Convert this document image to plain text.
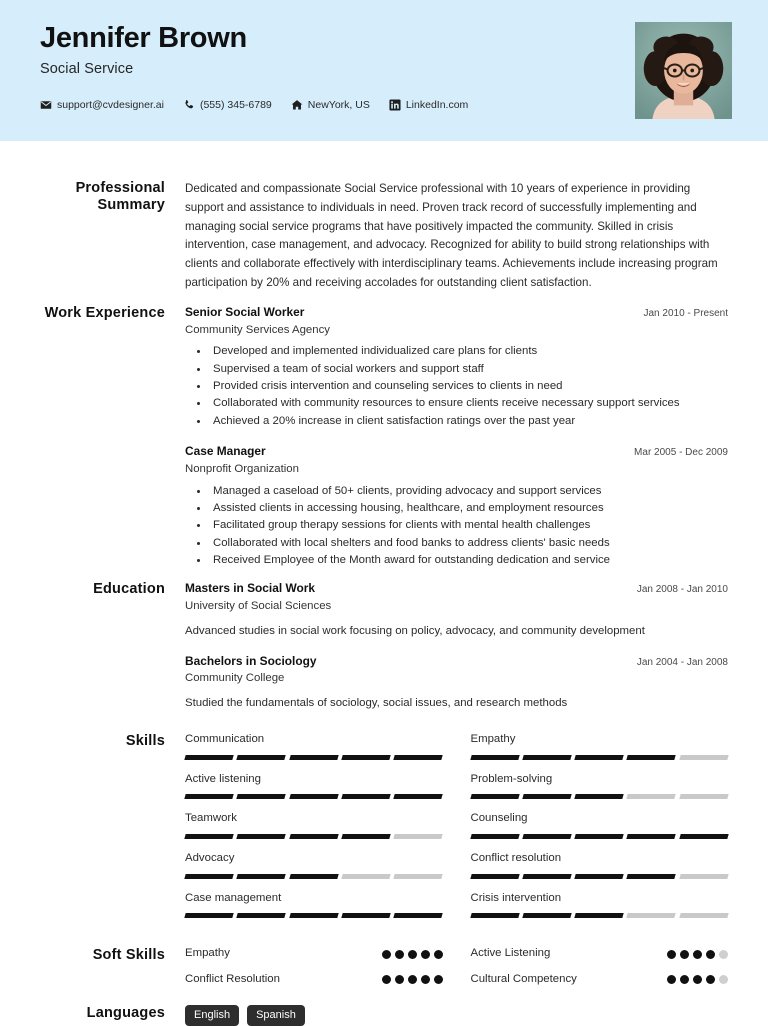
Jennifer Brown
Social Service
support@cvdesigner.ai	(555) 345-6789	NewYork, US	LinkedIn.com
Professional Summary
Dedicated and compassionate Social Service professional with 10 years of experience in providing support and assistance to individuals in need. Proven track record of successfully implementing and managing social service programs that have positively impacted the community. Skilled in crisis intervention, case management, and advocacy. Recognized for ability to build strong relationships with clients and collaborate effectively with interdisciplinary teams. Achievements include increasing program participation by 20% and receiving accolades for outstanding client satisfaction.
Work Experience	Senior Social Worker	Jan 2010 - Present
Community Services Agency
• Developed and implemented individualized care plans for clients
• Supervised a team of social workers and support staff
• Provided crisis intervention and counseling services to clients in need
• Collaborated with community resources to ensure clients receive necessary support services
• Achieved a 20% increase in client satisfaction ratings over the past year
Case Manager	Mar 2005 - Dec 2009
Nonprofit Organization
• Managed a caseload of 50+ clients, providing advocacy and support services
• Assisted clients in accessing housing, healthcare, and employment resources
• Facilitated group therapy sessions for clients with mental health challenges
• Collaborated with local shelters and food banks to address clients' basic needs
• Received Employee of the Month award for outstanding dedication and service
Education	Masters in Social Work	Jan 2008 - Jan 2010
University of Social Sciences
Advanced studies in social work focusing on policy, advocacy, and community development
Bachelors in Sociology	Jan 2004 - Jan 2008
Community College
Studied the fundamentals of sociology, social issues, and research methods
Skills	Communication	Empathy
Active listening	Problem-solving
Teamwork	Counseling
Advocacy	Conflict resolution
Case management	Crisis intervention
Soft Skills	Empathy	Active Listening
Conflict Resolution	Cultural Competency
Languages	English	Spanish
